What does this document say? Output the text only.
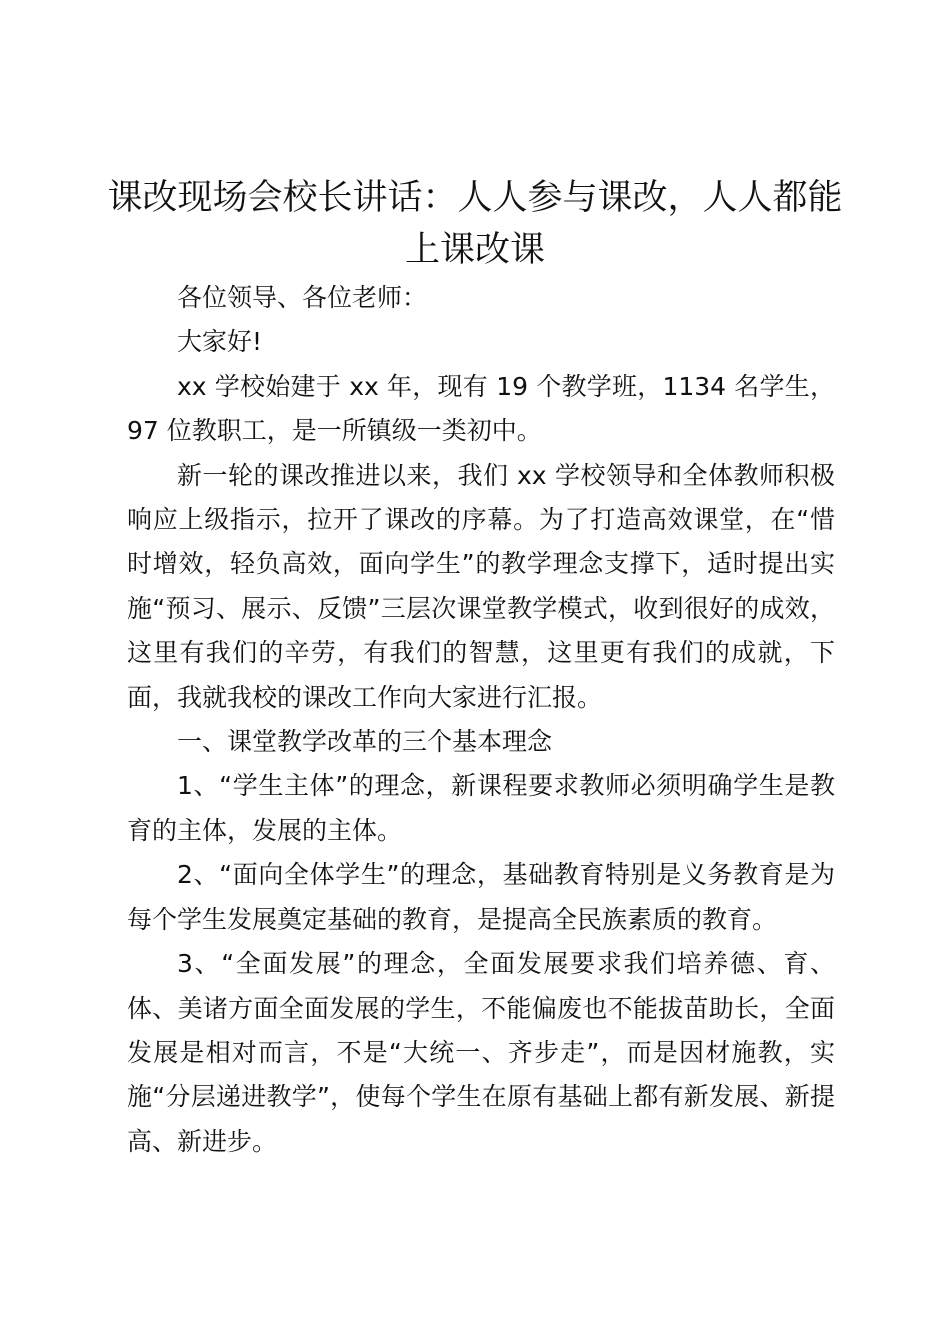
课改现场会校长讲话：人人参与课改，人人都能上课改课

各位领导、各位老师：

大家好!

xx 学校始建于 xx 年，现有 19 个教学班，1134 名学生，97 位教职工，是一所镇级一类初中。

新一轮的课改推进以来，我们 xx 学校领导和全体教师积极响应上级指示，拉开了课改的序幕。为了打造高效课堂，在“惜时增效，轻负高效，面向学生”的教学理念支撑下，适时提出实施“预习、展示、反馈”三层次课堂教学模式，收到很好的成效，这里有我们的辛劳，有我们的智慧，这里更有我们的成就，下面，我就我校的课改工作向大家进行汇报。

一、课堂教学改革的三个基本理念

1、“学生主体”的理念，新课程要求教师必须明确学生是教育的主体，发展的主体。

2、“面向全体学生”的理念，基础教育特别是义务教育是为每个学生发展奠定基础的教育，是提高全民族素质的教育。

3、“全面发展”的理念，全面发展要求我们培养德、育、体、美诸方面全面发展的学生，不能偏废也不能拔苗助长，全面发展是相对而言，不是“大统一、齐步走”，而是因材施教，实施“分层递进教学”，使每个学生在原有基础上都有新发展、新提高、新进步。
